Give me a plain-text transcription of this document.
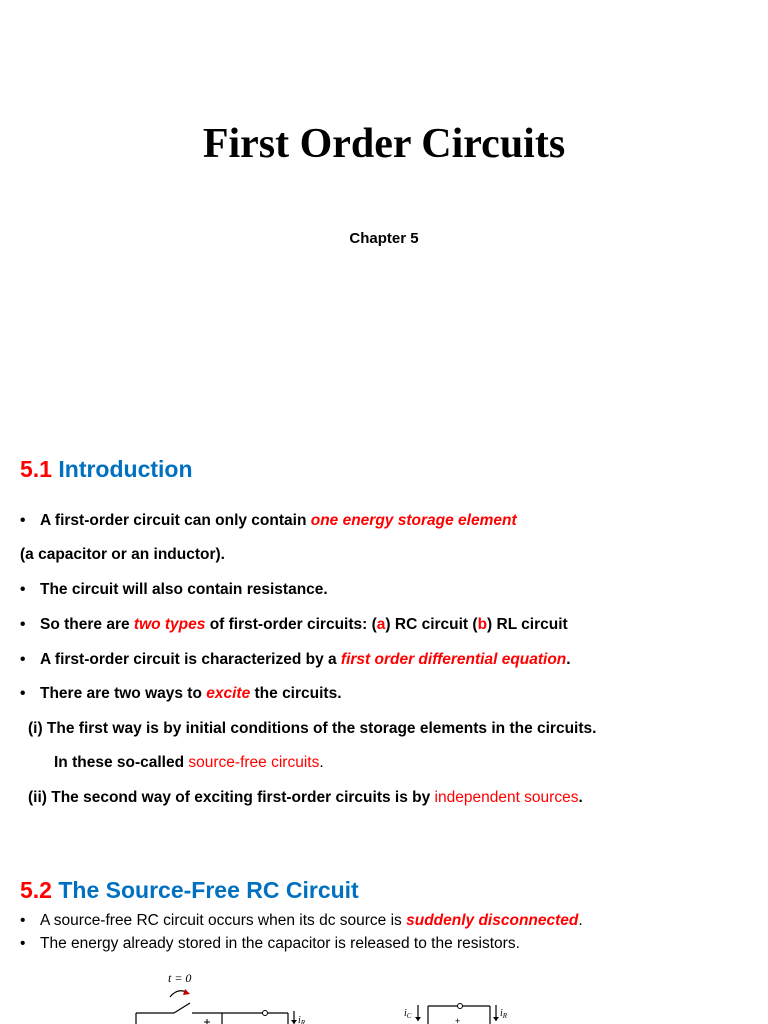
First Order Circuits
Chapter 5
5.1 Introduction
• A first-order circuit can only contain one energy storage element
(a capacitor or an inductor).
• The circuit will also contain resistance.
• So there are two types of first-order circuits: (a) RC circuit (b) RL circuit
• A first-order circuit is characterized by a first order differential equation.
• There are two ways to excite the circuits.
(i) The first way is by initial conditions of the storage elements in the circuits.
In these so-called source-free circuits.
(ii) The second way of exciting first-order circuits is by independent sources.
5.2 The Source-Free RC Circuit
• A source-free RC circuit occurs when its dc source is suddenly disconnected.
• The energy already stored in the capacitor is released to the resistors.
t = 0
$i_R$
$i_C$	+
$i_R$
